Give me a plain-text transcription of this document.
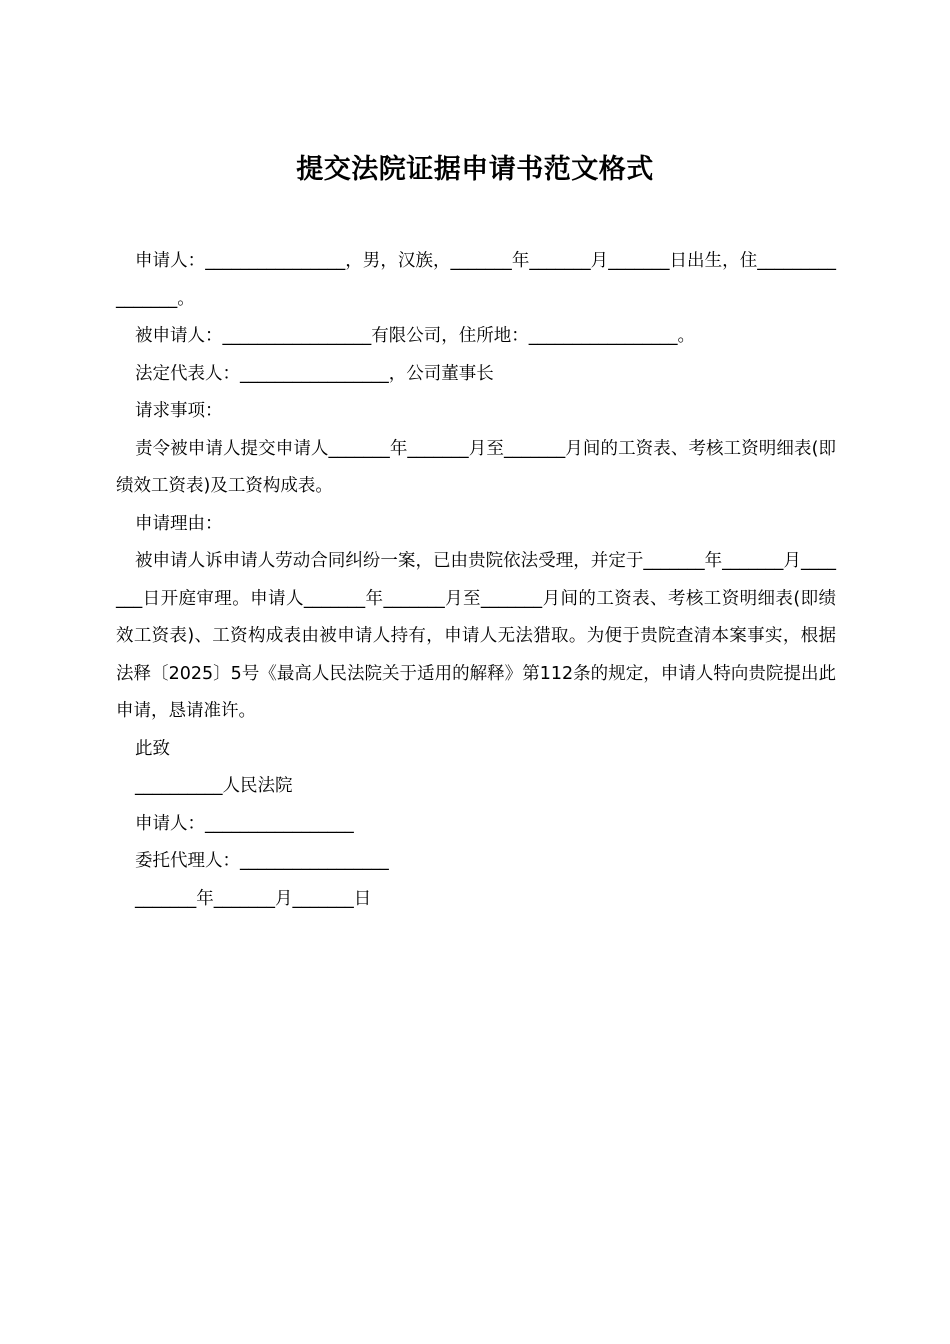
提交法院证据申请书范文格式

申请人：________________，男，汉族，_______年_______月_______日出生，住________________。

被申请人：_________________有限公司，住所地：_________________。

法定代表人：_________________，公司董事长

请求事项：

责令被申请人提交申请人_______年_______月至_______月间的工资表、考核工资明细表(即绩效工资表)及工资构成表。

申请理由：

被申请人诉申请人劳动合同纠纷一案，已由贵院依法受理，并定于_______年_______月_______日开庭审理。申请人_______年_______月至_______月间的工资表、考核工资明细表(即绩效工资表)、工资构成表由被申请人持有，申请人无法猎取。为便于贵院查清本案事实，根据法释〔2025〕5号《最高人民法院关于适用的解释》第112条的规定，申请人特向贵院提出此申请，恳请准许。

此致

__________人民法院

申请人：_________________

委托代理人：_________________

_______年_______月_______日
